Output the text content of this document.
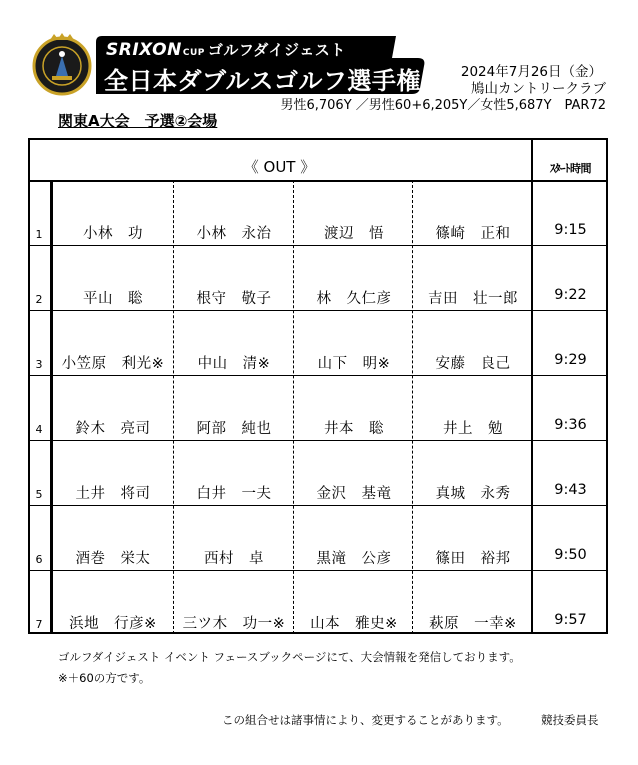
SRIXONCUP ゴルフダイジェスト
全日本ダブルスゴルフ選手権	2024年7月26日（金）
鳩山カントリークラブ
男性6,706Y ／男性60+6,205Y／女性5,687Y　PAR72
関東A大会　予選②会場
《 OUT 》	ｽﾀｰﾄ時間
1	小林　功	小林　永治	渡辺　悟	篠崎　正和	9:15
2	平山　聡	根守　敬子	林　久仁彦	吉田　壮一郎	9:22
3	小笠原　利光※	中山　清※	山下　明※	安藤　良己	9:29
4	鈴木　亮司	阿部　純也	井本　聡	井上　勉	9:36
5	土井　将司	白井　一夫	金沢　基竜	真城　永秀	9:43
6	酒巻　栄太	西村　卓	黒滝　公彦	篠田　裕邦	9:50
7	浜地　行彦※	三ツ木　功一※	山本　雅史※	萩原　一幸※	9:57
ゴルフダイジェスト イベント フェースブックページにて、大会情報を発信しております。
※＋60の方です。
この組合せは諸事情により、変更することがあります。	競技委員長
